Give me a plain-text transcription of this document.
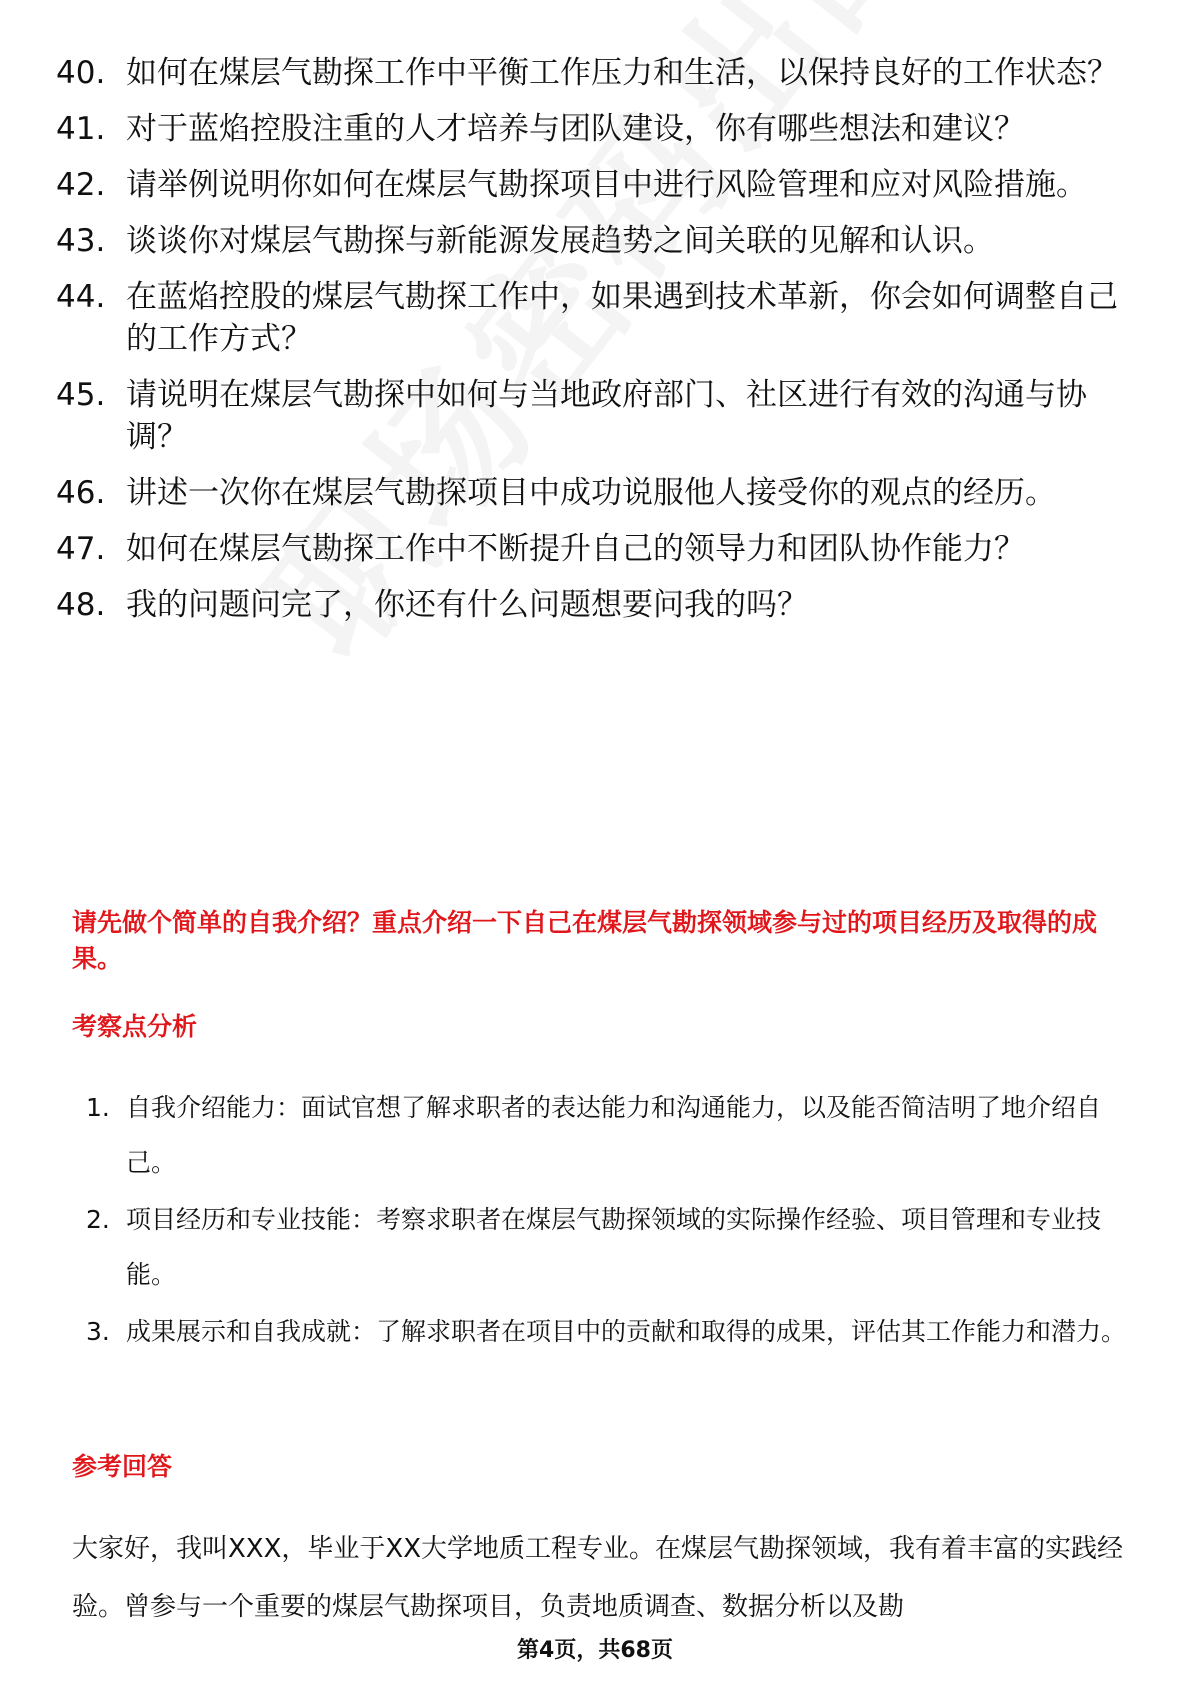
40. 如何在煤层气勘探工作中平衡工作压力和生活，以保持良好的工作状态？
41. 对于蓝焰控股注重的人才培养与团队建设，你有哪些想法和建议？
42. 请举例说明你如何在煤层气勘探项目中进行风险管理和应对风险措施。
43. 谈谈你对煤层气勘探与新能源发展趋势之间关联的见解和认识。
44. 在蓝焰控股的煤层气勘探工作中，如果遇到技术革新，你会如何调整自己的工作方式？
45. 请说明在煤层气勘探中如何与当地政府部门、社区进行有效的沟通与协调？
46. 讲述一次你在煤层气勘探项目中成功说服他人接受你的观点的经历。
47. 如何在煤层气勘探工作中不断提升自己的领导力和团队协作能力？
48. 我的问题问完了，你还有什么问题想要问我的吗？
请先做个简单的自我介绍？重点介绍一下自己在煤层气勘探领域参与过的项目经历及取得的成果。
考察点分析
1. 自我介绍能力：面试官想了解求职者的表达能力和沟通能力，以及能否简洁明了地介绍自己。
2. 项目经历和专业技能：考察求职者在煤层气勘探领域的实际操作经验、项目管理和专业技能。
3. 成果展示和自我成就：了解求职者在项目中的贡献和取得的成果，评估其工作能力和潜力。
参考回答
大家好，我叫XXX，毕业于XX大学地质工程专业。在煤层气勘探领域，我有着丰富的实践经验。曾参与一个重要的煤层气勘探项目，负责地质调查、数据分析以及勘
第4页，共68页
